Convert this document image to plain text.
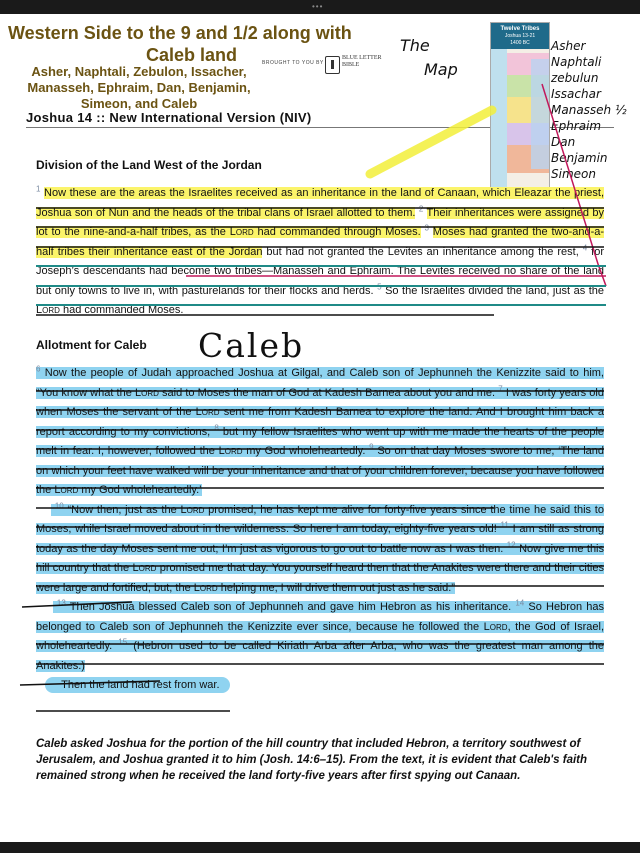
•••
Western Side to the 9 and 1/2 along with
Caleb land
Asher, Naphtali, Zebulon, Issacher, Manasseh, Ephraim, Dan, Benjamin, Simeon, and Caleb
BROUGHT TO YOU BY
BLUE LETTER BIBLE
Joshua 14 :: New International Version (NIV)
Twelve Tribes
Joshua 13-21
1400 BC
The
Map
Asher
Naphtali
zebulun
Issachar
Manasseh ½
Ephraim
Dan
Benjamin
Simeon
Division of the Land West of the Jordan
$^1$ Now these are the areas the Israelites received as an inheritance in the land of Canaan, which Eleazar the priest, Joshua son of Nun and the heads of the tribal clans of Israel allotted to them. $^2$ Their inheritances were assigned by lot to the nine-and-a-half tribes, as the Lord had commanded through Moses. $^3$ Moses had granted the two-and-a-half tribes their inheritance east of the Jordan but had not granted the Levites an inheritance among the rest, $^4$ for Joseph’s descendants had become two tribes—Manasseh and Ephraim. The Levites received no share of the land but only towns to live in, with pasturelands for their flocks and herds. $^5$ So the Israelites divided the land, just as the Lord had commanded Moses.
Allotment for Caleb Caleb
$^6$ Now the people of Judah approached Joshua at Gilgal, and Caleb son of Jephunneh the Kenizzite said to him, “You know what the Lord said to Moses the man of God at Kadesh Barnea about you and me. $^7$ I was forty years old when Moses the servant of the Lord sent me from Kadesh Barnea to explore the land. And I brought him back a report according to my convictions, $^8$ but my fellow Israelites who went up with me made the hearts of the people melt in fear. I, however, followed the Lord my God wholeheartedly. $^9$ So on that day Moses swore to me, ‘The land on which your feet have walked will be your inheritance and that of your children forever, because you have followed the Lord my God wholeheartedly.’
$^{10}$ “Now then, just as the Lord promised, he has kept me alive for forty-five years since the time he said this to Moses, while Israel moved about in the wilderness. So here I am today, eighty-five years old! $^{11}$ I am still as strong today as the day Moses sent me out; I’m just as vigorous to go out to battle now as I was then. $^{12}$ Now give me this hill country that the Lord promised me that day. You yourself heard then that the Anakites were there and their cities were large and fortified, but, the Lord helping me, I will drive them out just as he said.”
$^{13}$ Then Joshua blessed Caleb son of Jephunneh and gave him Hebron as his inheritance. $^{14}$ So Hebron has belonged to Caleb son of Jephunneh the Kenizzite ever since, because he followed the Lord, the God of Israel, wholeheartedly. $^{15}$ (Hebron used to be called Kiriath Arba after Arba, who was the greatest man among the Anakites.)
Then the land had rest from war.
Caleb asked Joshua for the portion of the hill country that included Hebron, a territory southwest of Jerusalem, and Joshua granted it to him (Josh. 14:6–15). From the text, it is evident that Caleb's faith remained strong when he received the land forty-five years after first spying out Canaan.
